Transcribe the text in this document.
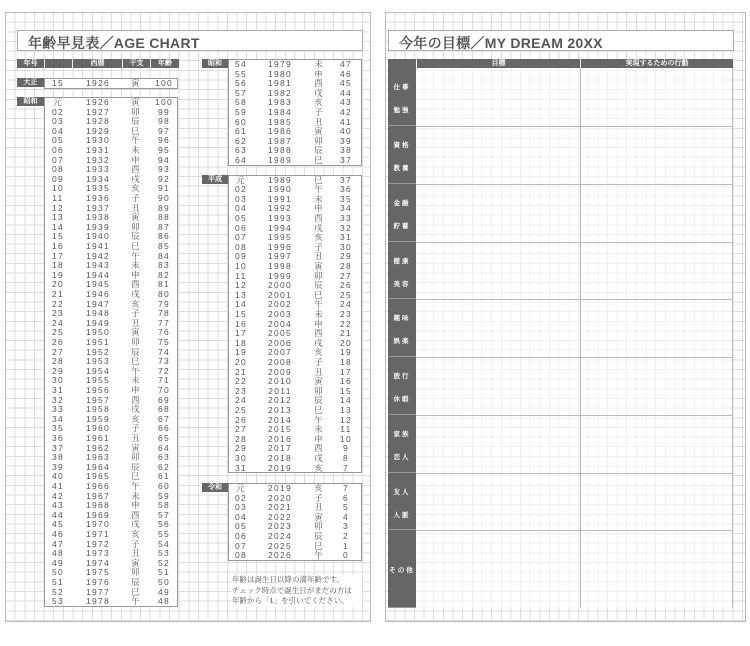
年齢早見表／AGE CHART	今年の目標／MY DREAM 20XX
年号	西暦	干支	年齢
年齢は誕生日以降の満年齢です。
チェック時点で誕生日がまだの方は
年齢から「1」を引いてください。
目標	実現するための行動
大正	15	1926	寅	100
昭和	元	1926	寅	100
02	1927	卯	99
03	1928	辰	98
04	1929	巳	97
05	1930	午	96
06	1931	未	95
07	1932	申	94
08	1933	酉	93
09	1934	戌	92
10	1935	亥	91
11	1936	子	90
12	1937	丑	89
13	1938	寅	88
14	1939	卯	87
15	1940	辰	86
16	1941	巳	85
17	1942	午	84
18	1943	未	83
19	1944	申	82
20	1945	酉	81
21	1946	戌	80
22	1947	亥	79
23	1948	子	78
24	1949	丑	77
25	1950	寅	76
26	1951	卯	75
27	1952	辰	74
28	1953	巳	73
29	1954	午	72
30	1955	未	71
31	1956	申	70
32	1957	酉	69
33	1958	戌	68
34	1959	亥	67
35	1960	子	66
36	1961	丑	65
37	1962	寅	64
38	1963	卯	63
39	1964	辰	62
40	1965	巳	61
41	1966	午	60
42	1967	未	59
43	1968	申	58
44	1969	酉	57
45	1970	戌	56
46	1971	亥	55
47	1972	子	54
48	1973	丑	53
49	1974	寅	52
50	1975	卯	51
51	1976	辰	50
52	1977	巳	49
53	1978	午	48
昭和	54	1979	未	47
55	1980	申	46
56	1981	酉	45
57	1982	戌	44
58	1983	亥	43
59	1984	子	42
60	1985	丑	41
61	1986	寅	40
62	1987	卯	39
63	1988	辰	38
64	1989	巳	37
平成	元	1989	巳	37
02	1990	午	36
03	1991	未	35
04	1992	申	34
05	1993	酉	33
06	1994	戌	32
07	1995	亥	31
08	1996	子	30
09	1997	丑	29
10	1998	寅	28
11	1999	卯	27
12	2000	辰	26
13	2001	巳	25
14	2002	午	24
15	2003	未	23
16	2004	申	22
17	2005	酉	21
18	2006	戌	20
19	2007	亥	19
20	2008	子	18
21	2009	丑	17
22	2010	寅	16
23	2011	卯	15
24	2012	辰	14
25	2013	巳	13
26	2014	午	12
27	2015	未	11
28	2016	申	10
29	2017	酉	9
30	2018	戌	8
31	2019	亥	7
令和	元	2019	亥	7
02	2020	子	6
03	2021	丑	5
04	2022	寅	4
05	2023	卯	3
06	2024	辰	2
07	2025	巳	1
08	2026	午	0
仕事
勉強
資格
教養
金融
貯蓄
健康
美容
趣味
娯楽
旅行
休暇
家族
恋人
友人
人脈
その他
